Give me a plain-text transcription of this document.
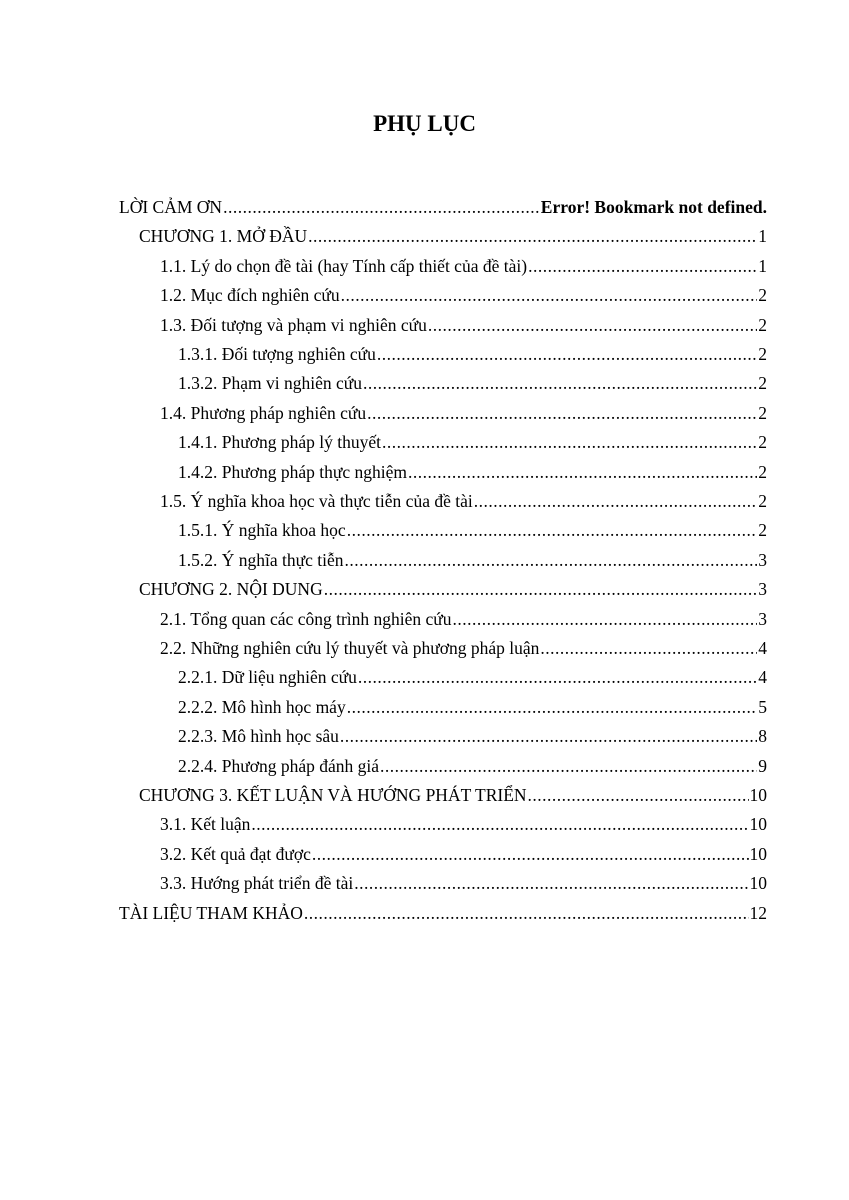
PHỤ LỤC
LỜI CẢM ƠN .....	Error! Bookmark not defined.
CHƯƠNG 1. MỞ ĐẦU .....	1
1.1. Lý do chọn đề tài (hay Tính cấp thiết của đề tài) .....	1
1.2. Mục đích nghiên cứu .....	2
1.3. Đối tượng và phạm vi nghiên cứu .....	2
1.3.1. Đối tượng nghiên cứu .....	2
1.3.2. Phạm vi nghiên cứu .....	2
1.4. Phương pháp nghiên cứu .....	2
1.4.1. Phương pháp lý thuyết .....	2
1.4.2. Phương pháp thực nghiệm .....	2
1.5. Ý nghĩa khoa học và thực tiễn của đề tài .....	2
1.5.1. Ý nghĩa khoa học .....	2
1.5.2. Ý nghĩa thực tiễn .....	3
CHƯƠNG 2. NỘI DUNG .....	3
2.1. Tổng quan các công trình nghiên cứu .....	3
2.2. Những nghiên cứu lý thuyết và phương pháp luận .....	4
2.2.1. Dữ liệu nghiên cứu .....	4
2.2.2. Mô hình học máy .....	5
2.2.3. Mô hình học sâu .....	8
2.2.4. Phương pháp đánh giá .....	9
CHƯƠNG 3. KẾT LUẬN VÀ HƯỚNG PHÁT TRIỂN .....	10
3.1. Kết luận .....	10
3.2. Kết quả đạt được .....	10
3.3. Hướng phát triển đề tài .....	10
TÀI LIỆU THAM KHẢO .....	12
